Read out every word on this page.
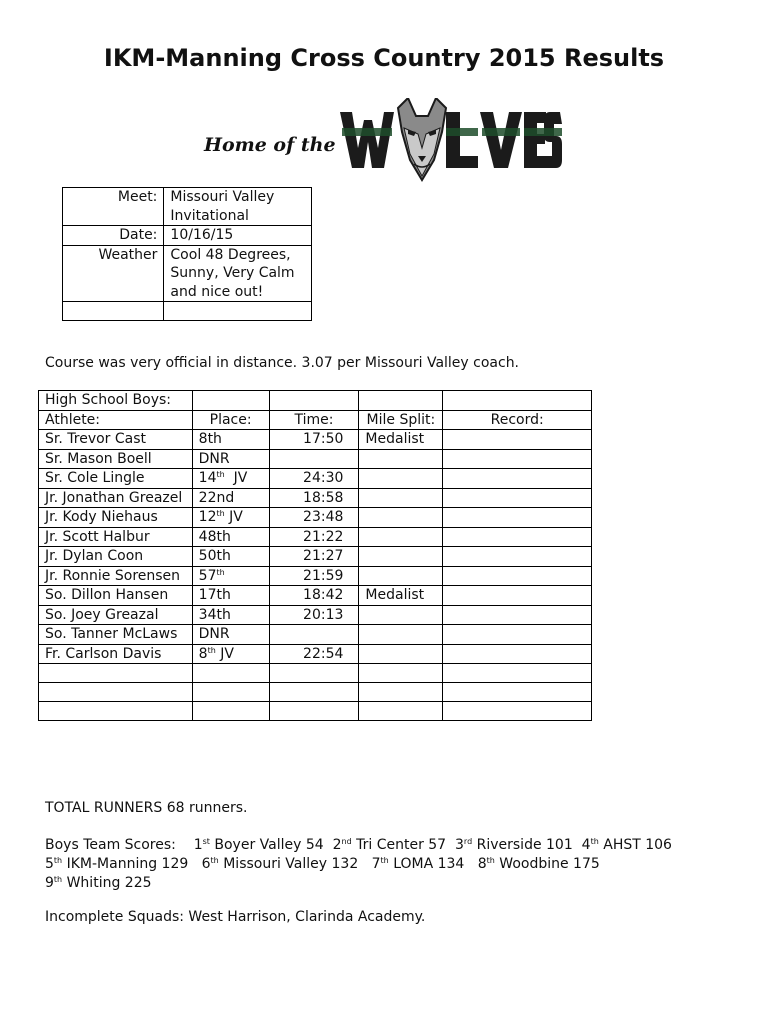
IKM-Manning Cross Country 2015 Results
Home of the
Meet:	Missouri Valley Invitational
Date:	10/16/15
Weather	Cool 48 Degrees, Sunny, Very Calm and nice out!

Course was very official in distance. 3.07 per Missouri Valley coach.
High School Boys:				
Athlete:	Place:	Time:	Mile Split:	Record:
Sr. Trevor Cast	8th	17:50	Medalist	
Sr. Mason Boell	DNR			
Sr. Cole Lingle	14th  JV	24:30		
Jr. Jonathan Greazel	22nd	18:58		
Jr. Kody Niehaus	12th JV	23:48		
Jr. Scott Halbur	48th	21:22		
Jr. Dylan Coon	50th	21:27		
Jr. Ronnie Sorensen	57th	21:59		
So. Dillon Hansen	17th	18:42	Medalist	
So. Joey Greazal	34th	20:13		
So. Tanner McLaws	DNR			
Fr. Carlson Davis	8th JV	22:54		

TOTAL RUNNERS 68 runners.
Boys Team Scores: 1st Boyer Valley 54 2nd Tri Center 57 3rd Riverside 101 4th AHST 106
5th IKM-Manning 129 6th Missouri Valley 132 7th LOMA 134 8th Woodbine 175
9th Whiting 225
Incomplete Squads: West Harrison, Clarinda Academy.
